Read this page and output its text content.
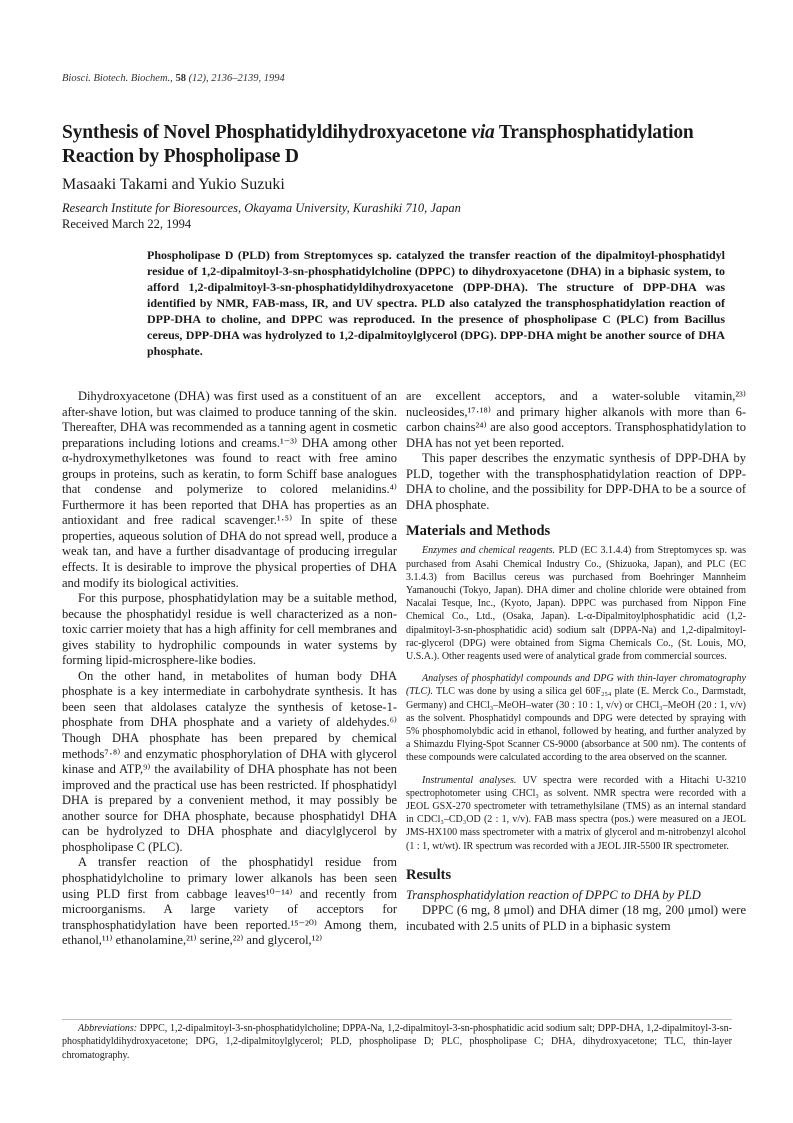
Biosci. Biotech. Biochem., 58 (12), 2136–2139, 1994
Synthesis of Novel Phosphatidyldihydroxyacetone via Transphosphatidylation Reaction by Phospholipase D
Masaaki Takami and Yukio Suzuki
Research Institute for Bioresources, Okayama University, Kurashiki 710, Japan
Received March 22, 1994

Phospholipase D (PLD) from Streptomyces sp. catalyzed the transfer reaction of the dipalmitoyl-phosphatidyl residue of 1,2-dipalmitoyl-3-sn-phosphatidylcholine (DPPC) to dihydroxyacetone (DHA) in a biphasic system, to afford 1,2-dipalmitoyl-3-sn-phosphatidyldihydroxyacetone (DPP-DHA). The structure of DPP-DHA was identified by NMR, FAB-mass, IR, and UV spectra. PLD also catalyzed the transphosphatidylation reaction of DPP-DHA to choline, and DPPC was reproduced. In the presence of phospholipase C (PLC) from Bacillus cereus, DPP-DHA was hydrolyzed to 1,2-dipalmitoylglycerol (DPG). DPP-DHA might be another source of DHA phosphate.

Dihydroxyacetone (DHA) was first used as a constituent of an after-shave lotion, but was claimed to produce tanning of the skin. Thereafter, DHA was recommended as a tanning agent in cosmetic preparations including lotions and creams.¹⁻³⁾ DHA among other α-hydroxymethylketones was found to react with free amino groups in proteins, such as keratin, to form Schiff base analogues that condense and polymerize to colored melanidins.⁴⁾ Furthermore it has been reported that DHA has properties as an antioxidant and free radical scavenger.¹·⁵⁾ In spite of these properties, aqueous solution of DHA do not spread well, produce a weak tan, and have a further disadvantage of producing irregular effects. It is desirable to improve the physical properties of DHA and modify its biological activities.

For this purpose, phosphatidylation may be a suitable method, because the phosphatidyl residue is well characterized as a non-toxic carrier moiety that has a high affinity for cell membranes and gives stability to hydrophilic compounds in water systems by forming lipid-microsphere-like bodies.

On the other hand, in metabolites of human body DHA phosphate is a key intermediate in carbohydrate synthesis. It has been seen that aldolases catalyze the synthesis of ketose-1-phosphate from DHA phosphate and a variety of aldehydes.⁶⁾ Though DHA phosphate has been prepared by chemical methods⁷·⁸⁾ and enzymatic phosphorylation of DHA with glycerol kinase and ATP,⁹⁾ the availability of DHA phosphate has not been improved and the practical use has been restricted. If phosphatidyl DHA is prepared by a convenient method, it may possibly be another source for DHA phosphate, because phosphatidyl DHA can be hydrolyzed to DHA phosphate and diacylglycerol by phospholipase C (PLC).

A transfer reaction of the phosphatidyl residue from phosphatidylcholine to primary lower alkanols has been seen using PLD first from cabbage leaves¹⁰⁻¹⁴⁾ and recently from microorganisms. A large variety of acceptors for transphosphatidylation have been reported.¹⁵⁻²⁰⁾ Among them, ethanol,¹¹⁾ ethanolamine,²¹⁾ serine,²²⁾ and glycerol,¹²⁾

are excellent acceptors, and a water-soluble vitamin,²³⁾ nucleosides,¹⁷·¹⁸⁾ and primary higher alkanols with more than 6-carbon chains²⁴⁾ are also good acceptors. Transphosphatidylation to DHA has not yet been reported.

This paper describes the enzymatic synthesis of DPP-DHA by PLD, together with the transphosphatidylation reaction of DPP-DHA to choline, and the possibility for DPP-DHA to be a source of DHA phosphate.

Materials and Methods

Enzymes and chemical reagents. PLD (EC 3.1.4.4) from Streptomyces sp. was purchased from Asahi Chemical Industry Co., (Shizuoka, Japan), and PLC (EC 3.1.4.3) from Bacillus cereus was purchased from Boehringer Mannheim Yamanouchi (Tokyo, Japan). DHA dimer and choline chloride were obtained from Nacalai Tesque, Inc., (Kyoto, Japan). DPPC was purchased from Nippon Fine Chemical Co., Ltd., (Osaka, Japan). L-α-Dipalmitoylphosphatidic acid (1,2-dipalmitoyl-3-sn-phosphatidic acid) sodium salt (DPPA-Na) and 1,2-dipalmitoyl-rac-glycerol (DPG) were obtained from Sigma Chemicals Co., (St. Louis, MO, U.S.A.). Other reagents used were of analytical grade from commercial sources.

Analyses of phosphatidyl compounds and DPG with thin-layer chromatography (TLC). TLC was done by using a silica gel 60F₂₅₄ plate (E. Merck Co., Darmstadt, Germany) and CHCl₃–MeOH–water (30 : 10 : 1, v/v) or CHCl₃–MeOH (20 : 1, v/v) as the solvent. Phosphatidyl compounds and DPG were detected by spraying with 5% phosphomolybdic acid in ethanol, followed by heating, and further analyzed by a Shimazdu Flying-Spot Scanner CS-9000 (absorbance at 500 nm). The contents of these compounds were calculated according to the area observed on the scanner.

Instrumental analyses. UV spectra were recorded with a Hitachi U-3210 spectrophotometer using CHCl₃ as solvent. NMR spectra were recorded with a JEOL GSX-270 spectrometer with tetramethylsilane (TMS) as an internal standard in CDCl₃–CD₃OD (2 : 1, v/v). FAB mass spectra (pos.) were measured on a JEOL JMS-HX100 mass spectrometer with a matrix of glycerol and m-nitrobenzyl alcohol (1 : 1, wt/wt). IR spectrum was recorded with a JEOL JIR-5500 IR spectrometer.

Results

Transphosphatidylation reaction of DPPC to DHA by PLD

DPPC (6 mg, 8 μmol) and DHA dimer (18 mg, 200 μmol) were incubated with 2.5 units of PLD in a biphasic system

Abbreviations: DPPC, 1,2-dipalmitoyl-3-sn-phosphatidylcholine; DPPA-Na, 1,2-dipalmitoyl-3-sn-phosphatidic acid sodium salt; DPP-DHA, 1,2-dipalmitoyl-3-sn-phosphatidyldihydroxyacetone; DPG, 1,2-dipalmitoylglycerol; PLD, phospholipase D; PLC, phospholipase C; DHA, dihydroxyacetone; TLC, thin-layer chromatography.
